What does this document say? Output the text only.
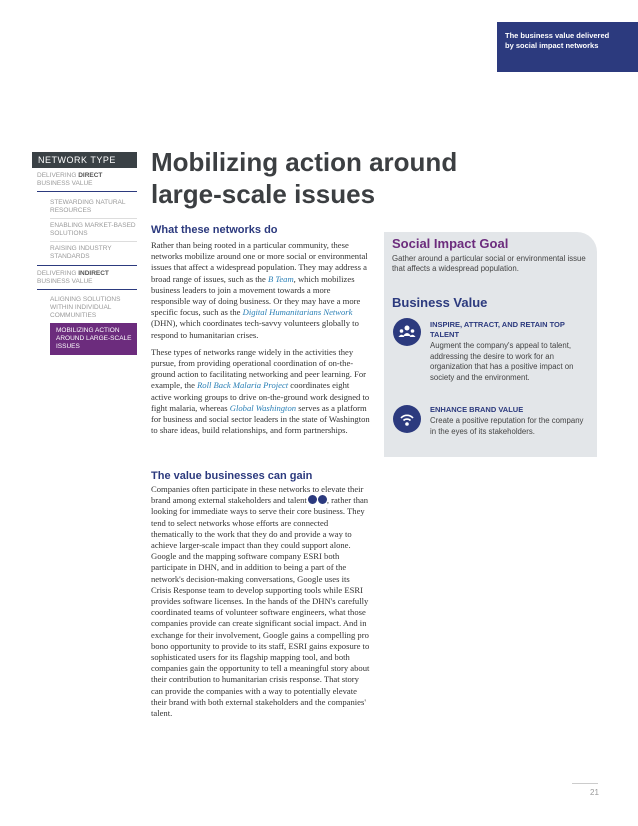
The business value delivered
by social impact networks
NETWORK TYPE
DELIVERING DIRECT
BUSINESS VALUE
STEWARDING NATURAL RESOURCES
ENABLING MARKET-BASED SOLUTIONS
RAISING INDUSTRY STANDARDS
DELIVERING INDIRECT
BUSINESS VALUE
ALIGNING SOLUTIONS WITHIN INDIVIDUAL COMMUNITIES
MOBILIZING ACTION AROUND LARGE-SCALE ISSUES
Mobilizing action around
large-scale issues
What these networks do

Rather than being rooted in a particular community, these networks mobilize around one or more social or environmental issues that affect a widespread population. They may address a broad range of issues, such as the B Team, which mobilizes business leaders to join a movement towards a more responsible way of doing business. Or they may have a more specific focus, such as the Digital Humanitarians Network (DHN), which coordinates tech-savvy volunteers globally to respond to humanitarian crises.

These types of networks range widely in the activities they pursue, from providing operational coordination of on-the-ground action to facilitating networking and peer learning. For example, the Roll Back Malaria Project coordinates eight active working groups to drive on-the-ground work designed to fight malaria, whereas Global Washington serves as a platform for business and social sector leaders in the state of Washington to share ideas, build relationships, and form partnerships.

The value businesses can gain

Companies often participate in these networks to elevate their brand among external stakeholders and talent , rather than looking for immediate ways to serve their core business. They tend to select networks whose efforts are connected thematically to the work that they do and provide a way to achieve larger-scale impact than they could support alone. Google and the mapping software company ESRI both participate in DHN, and in addition to being a part of the network's decision-making conversations, Google uses its Crisis Response team to develop supporting tools while ESRI provides software licenses. In the hands of the DHN's carefully coordinated teams of volunteer software engineers, what those companies provide can create significant social impact. And in exchange for their involvement, Google gains a compelling pro bono opportunity to provide to its staff, ESRI gains exposure to sophisticated users for its flagship mapping tool, and both companies gain the opportunity to tell a meaningful story about their contribution to humanitarian crisis response. That story can provide the companies with a way to potentially elevate their brand with both external stakeholders and the companies' talent.

Social Impact Goal
Gather around a particular social or environmental issue that affects a widespread population.
Business Value
INSPIRE, ATTRACT, AND RETAIN TOP TALENT
Augment the company's appeal to talent, addressing the desire to work for an organization that has a positive impact on society and the environment.
ENHANCE BRAND VALUE
Create a positive reputation for the company in the eyes of its stakeholders.
21
